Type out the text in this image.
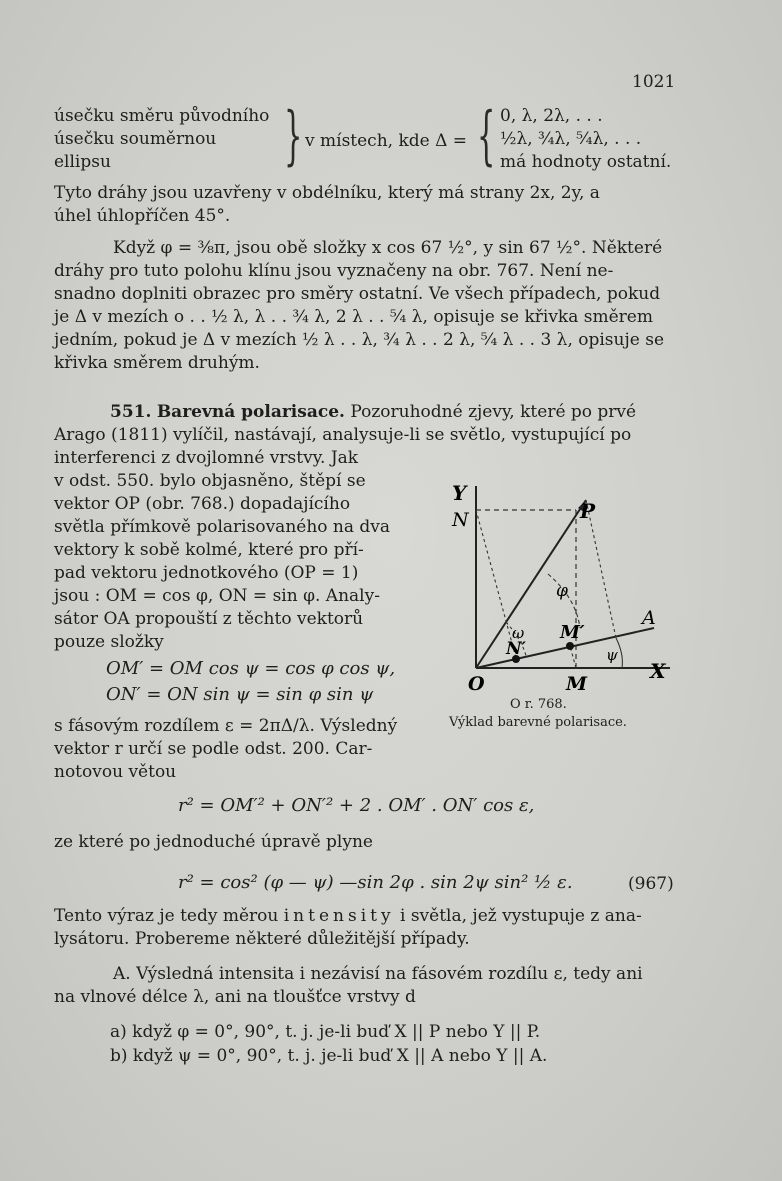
1021
úsečku směru původního
úsečku souměrnou
ellipsu	} v místech, kde Δ = { 0, λ, 2λ, . . .
½λ, ¾λ, ⁵⁄₄λ, . . .
má hodnoty ostatní.
Tyto dráhy jsou uzavřeny v obdélníku, který má strany 2x, 2y, a
úhel úhlopříčen 45°.
Když φ = ⅜π, jsou obě složky x cos 67 ½°, y sin 67 ½°. Některé
dráhy pro tuto polohu klínu jsou vyznačeny na obr. 767. Není ne-
snadno doplniti obrazec pro směry ostatní. Ve všech případech, pokud
je Δ v mezích o . . ½ λ, λ . . ¾ λ, 2 λ . . ⁵⁄₄ λ, opisuje se křivka směrem
jedním, pokud je Δ v mezích ½ λ . . λ, ¾ λ . . 2 λ, ⁵⁄₄ λ . . 3 λ, opisuje se
křivka směrem druhým.
551. Barevná polarisace. Pozoruhodné zjevy, které po prvé
Arago (1811) vylíčil, nastávají, analysuje-li se světlo, vystupující po
interferenci z dvojlomné vrstvy. Jak
v odst. 550. bylo objasněno, štěpí se
vektor OP (obr. 768.) dopadajícího
světla přímkově polarisovaného na dva
vektory k sobě kolmé, které pro pří-
pad vektoru jednotkového (OP = 1)
jsou : OM = cos φ, ON = sin φ. Analy-
sátor OA propouští z těchto vektorů
pouze složky
OM′ = OM cos ψ = cos φ cos ψ,
ON′ = ON sin ψ = sin φ sin ψ
s fásovým rozdílem ε = 2πΔ/λ. Výsledný
vektor r určí se podle odst. 200. Car-
notovou větou
r² = OM′² + ON′² + 2 . OM′ . ON′ cos ε,
ze které po jednoduché úpravě plyne
r² = cos² (φ — ψ) —sin 2φ . sin 2ψ sin² ½ ε.	(967)
Tento výraz je tedy měrou intensity i světla, jež vystupuje z ana-
lysátoru. Probereme některé důležitější případy.
A. Výsledná intensita i nezávisí na fásovém rozdílu ε, tedy ani
na vlnové délce λ, ani na tloušťce vrstvy d
a) když φ = 0°, 90°, t. j. je-li buď X || P nebo Y || P.
b) když ψ = 0°, 90°, t. j. je-li buď X || A nebo Y || A.
Y
N	P
φ
ω M′
N′
A
ψ
O	M
X
O r. 768.
Výklad barevné polarisace.
